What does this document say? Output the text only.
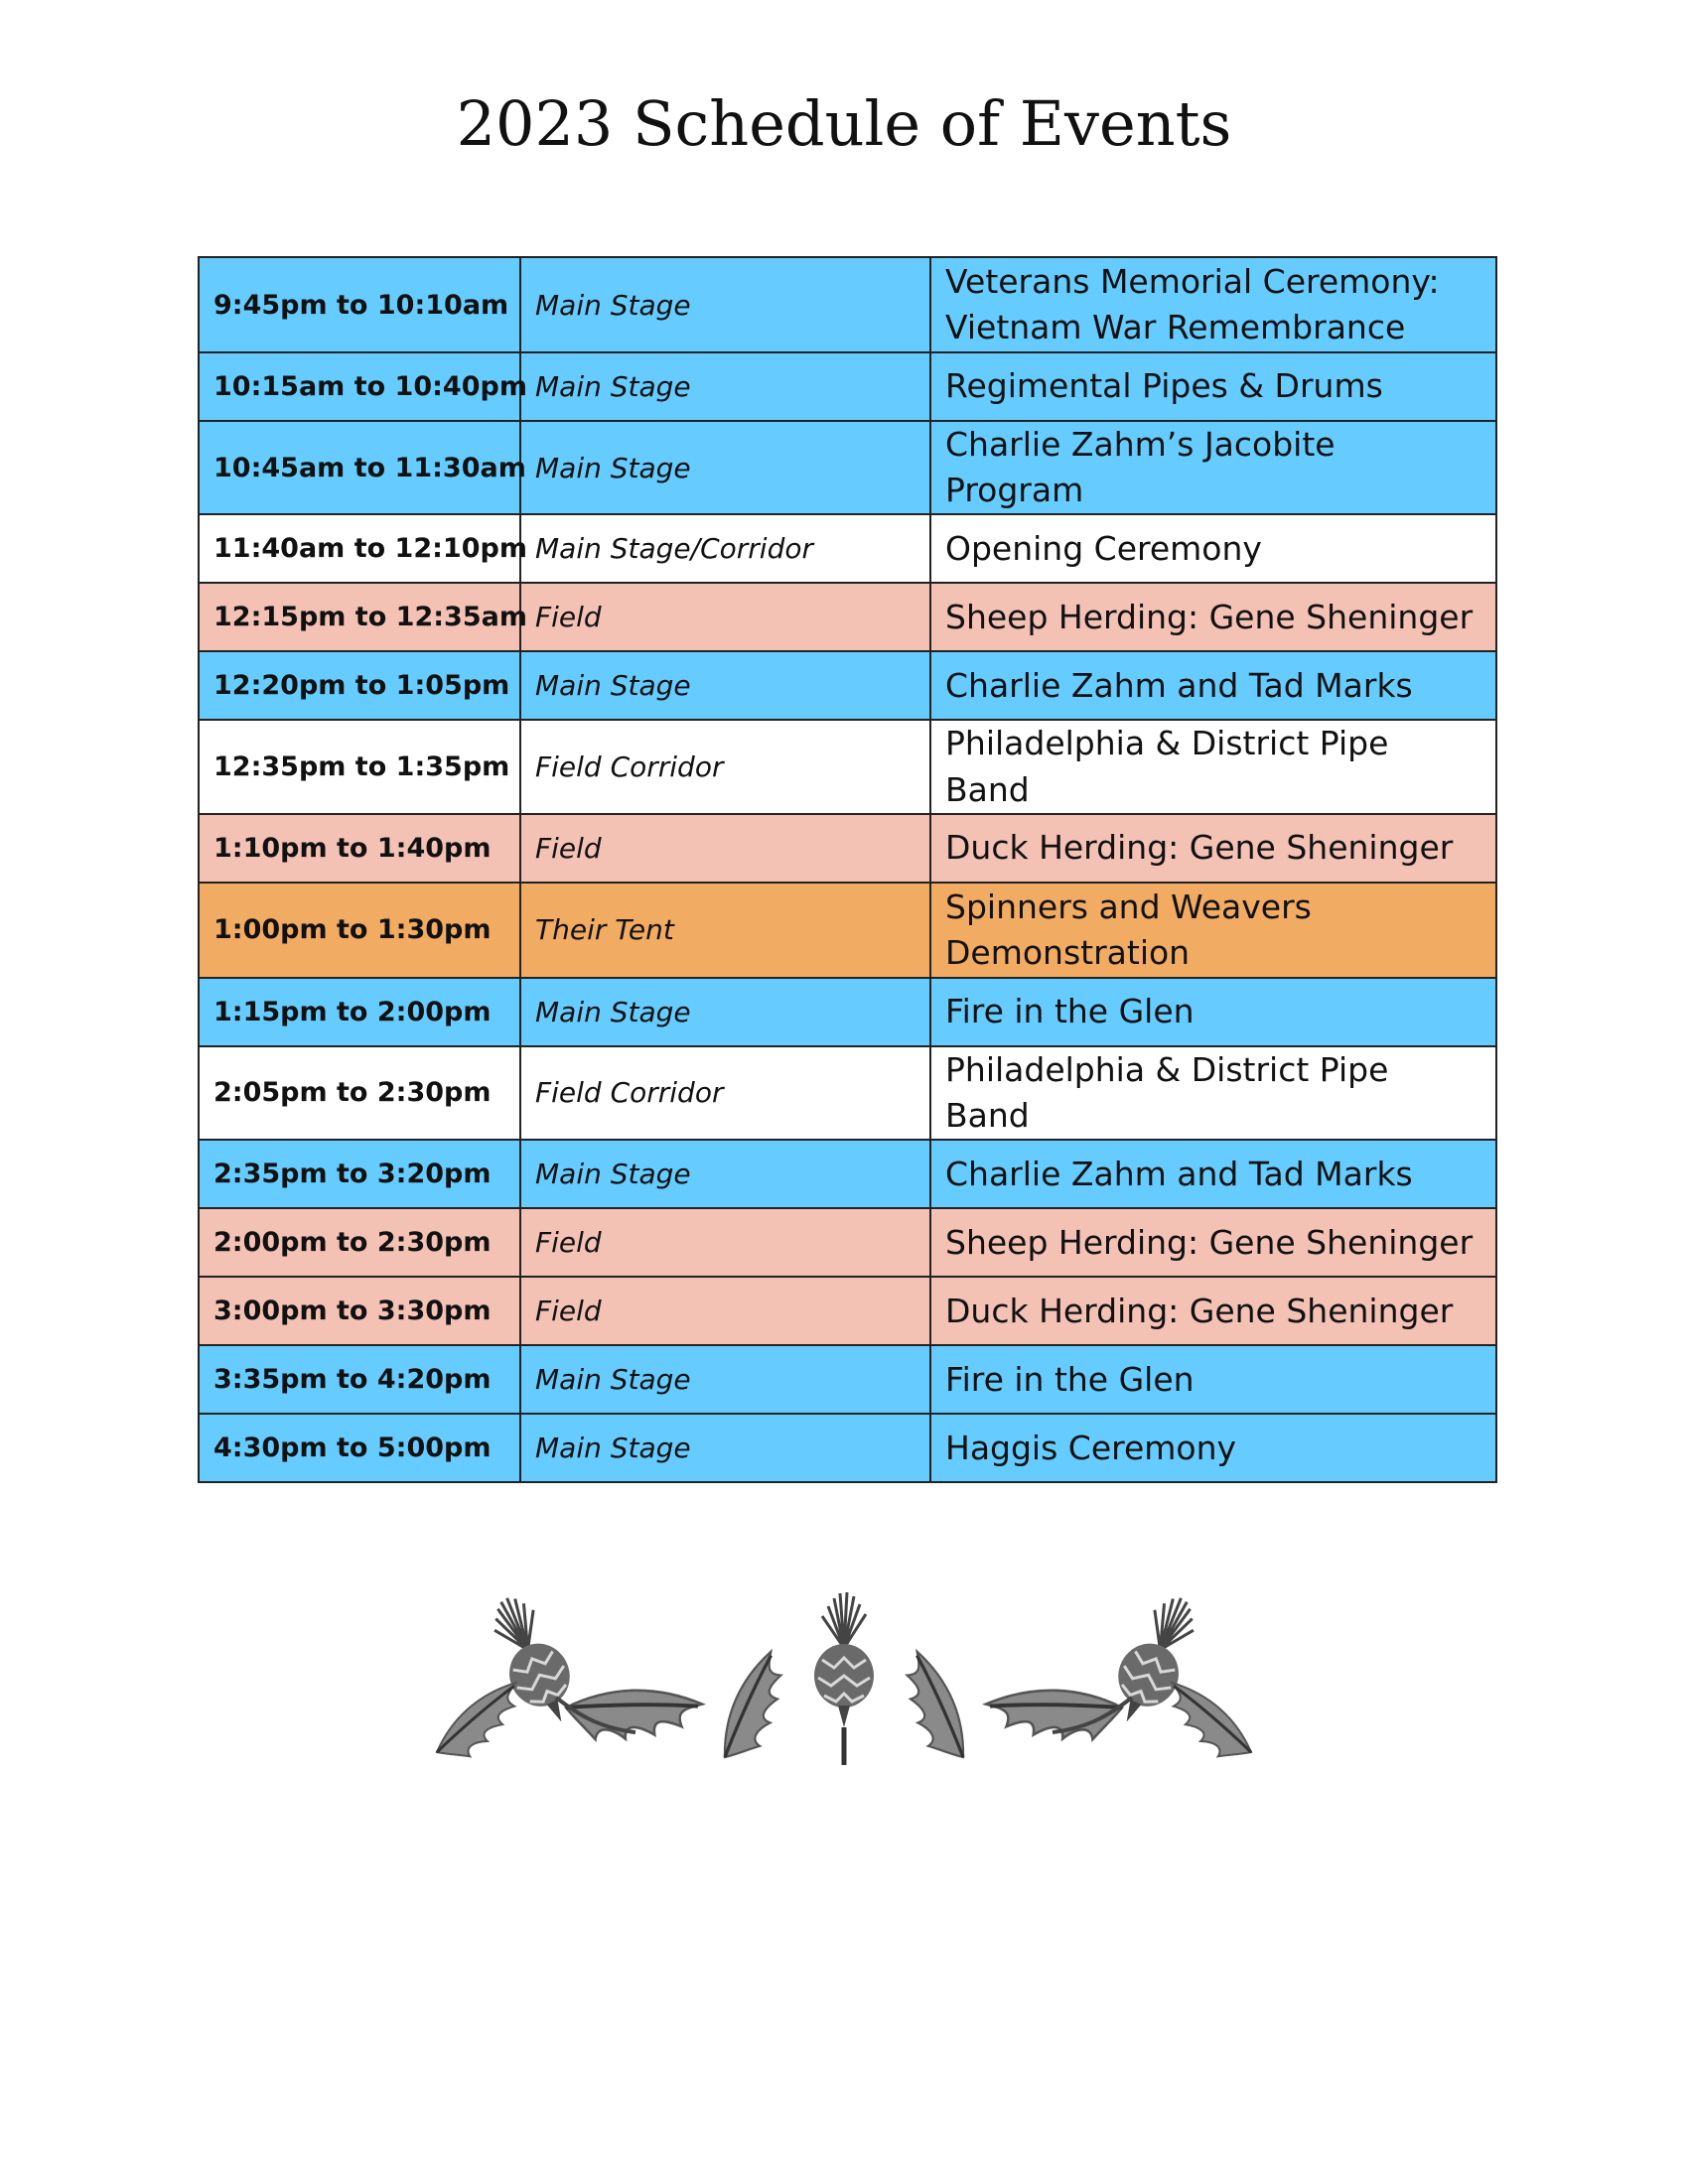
2023 Schedule of Events
9:45pm to 10:10am	Main Stage	Veterans Memorial Ceremony: Vietnam War Remembrance
10:15am to 10:40pm	Main Stage	Regimental Pipes & Drums
10:45am to 11:30am	Main Stage	Charlie Zahm’s Jacobite Program
11:40am to 12:10pm	Main Stage/Corridor	Opening Ceremony
12:15pm to 12:35am	Field	Sheep Herding: Gene Sheninger
12:20pm to 1:05pm	Main Stage	Charlie Zahm and Tad Marks
12:35pm to 1:35pm	Field Corridor	Philadelphia & District Pipe Band
1:10pm to 1:40pm	Field	Duck Herding: Gene Sheninger
1:00pm to 1:30pm	Their Tent	Spinners and Weavers Demonstration
1:15pm to 2:00pm	Main Stage	Fire in the Glen
2:05pm to 2:30pm	Field Corridor	Philadelphia & District Pipe Band
2:35pm to 3:20pm	Main Stage	Charlie Zahm and Tad Marks
2:00pm to 2:30pm	Field	Sheep Herding: Gene Sheninger
3:00pm to 3:30pm	Field	Duck Herding: Gene Sheninger
3:35pm to 4:20pm	Main Stage	Fire in the Glen
4:30pm to 5:00pm	Main Stage	Haggis Ceremony
